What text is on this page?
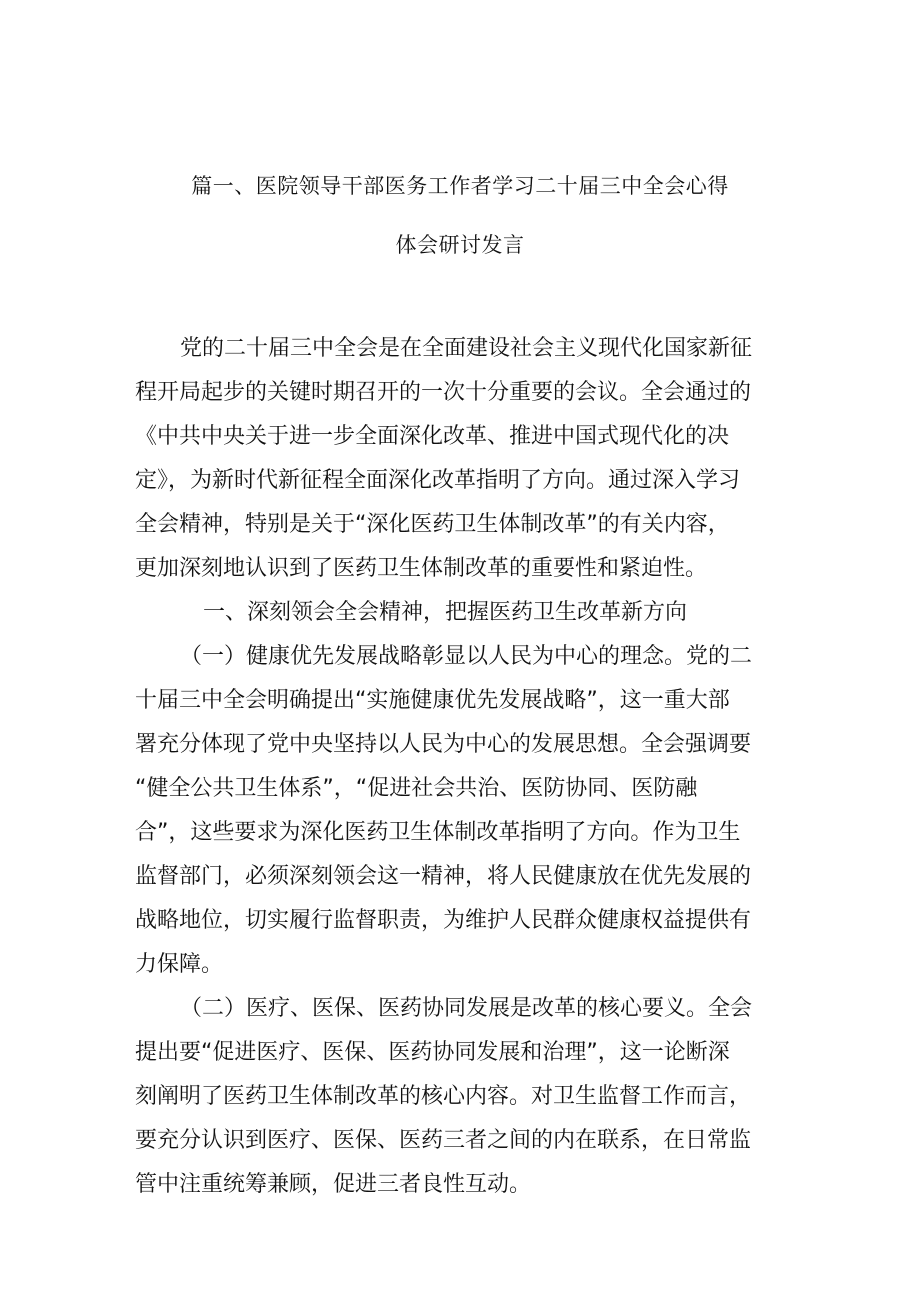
篇一、医院领导干部医务工作者学习二十届三中全会心得
体会研讨发言
党的二十届三中全会是在全面建设社会主义现代化国家新征
程开局起步的关键时期召开的一次十分重要的会议。全会通过的
《中共中央关于进一步全面深化改革、推进中国式现代化的决
定》，为新时代新征程全面深化改革指明了方向。通过深入学习
全会精神，特别是关于“深化医药卫生体制改革”的有关内容，
更加深刻地认识到了医药卫生体制改革的重要性和紧迫性。
一、深刻领会全会精神，把握医药卫生改革新方向
（一）健康优先发展战略彰显以人民为中心的理念。党的二
十届三中全会明确提出“实施健康优先发展战略”，这一重大部
署充分体现了党中央坚持以人民为中心的发展思想。全会强调要
“健全公共卫生体系”，“促进社会共治、医防协同、医防融
合”，这些要求为深化医药卫生体制改革指明了方向。作为卫生
监督部门，必须深刻领会这一精神，将人民健康放在优先发展的
战略地位，切实履行监督职责，为维护人民群众健康权益提供有
力保障。
（二）医疗、医保、医药协同发展是改革的核心要义。全会
提出要“促进医疗、医保、医药协同发展和治理”，这一论断深
刻阐明了医药卫生体制改革的核心内容。对卫生监督工作而言，
要充分认识到医疗、医保、医药三者之间的内在联系，在日常监
管中注重统筹兼顾，促进三者良性互动。
